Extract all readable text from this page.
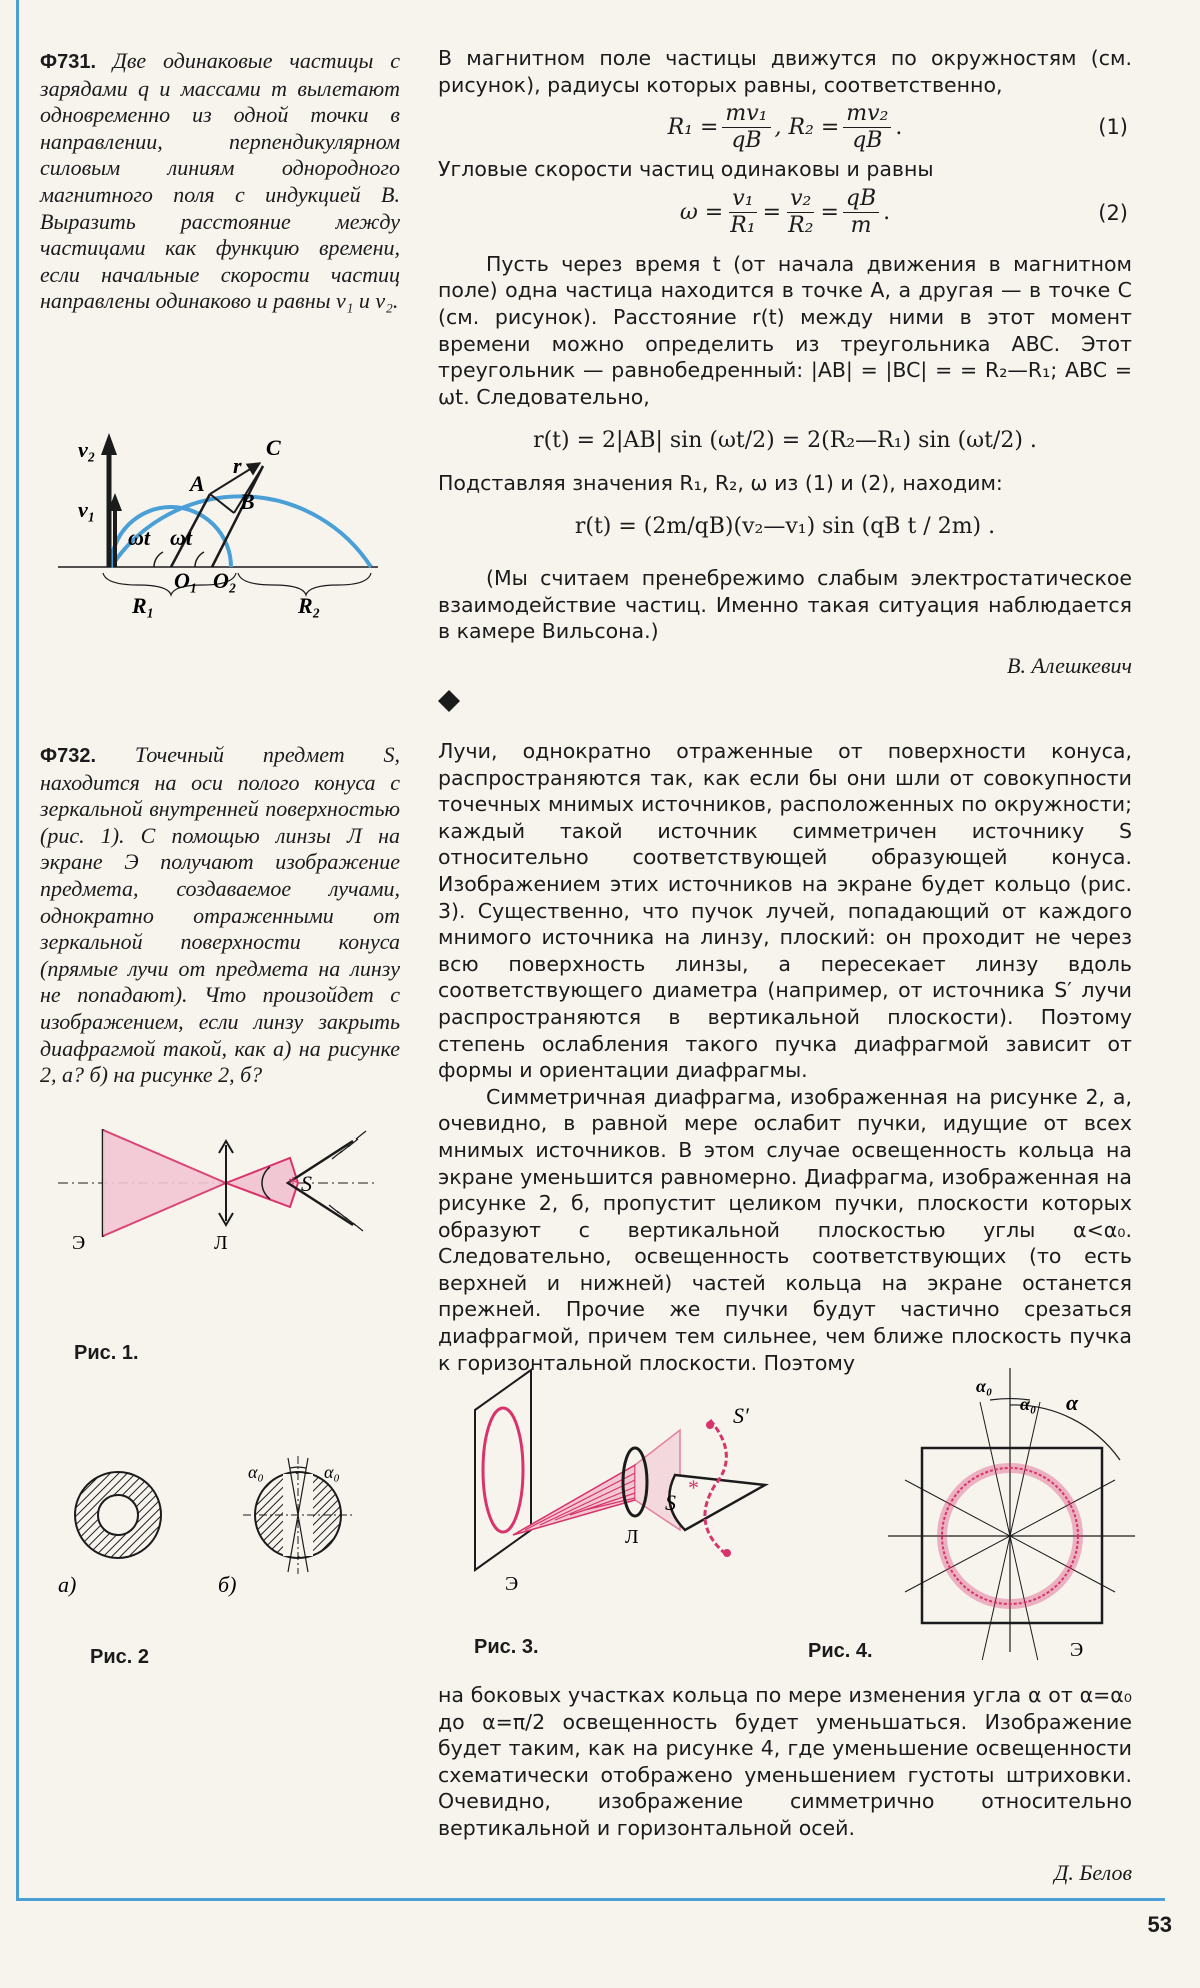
Ф731. Две одинаковые частицы с зарядами q и массами m вылетают одновременно из одной точки в направлении, перпендикулярном силовым линиям однородного магнитного поля с индукцией B. Выразить расстояние между частицами как функцию времени, если начальные скорости частиц направлены одинаково и равны v₁ и v₂.
v₂
v₁
C
r
A
B
ωt ωt
O₁ O₂
R₁	R₂

В магнитном поле частицы движутся по окружностям (см. рисунок), радиусы которых равны, соответственно,

$R_1 = \frac{\text{mv₁}}{qB}$ , $R_2 = \frac{\text{mv₂}}{qB}$ .	(1)

Угловые скорости частиц одинаковы и равны

$\omega = \frac{\text{v₁}}{\text{R₁}} = \frac{\text{v₂}}{\text{R₂}} = \frac{qB}{m}$ .	(2)

Пусть через время t (от начала движения в магнитном поле) одна частица находится в точке A, а другая — в точке C (см. рисунок). Расстояние r(t) между ними в этот момент времени можно определить из треугольника ABC. Этот треугольник — равнобедренный: |AB| = |BC| = = R₂—R₁; ABC = ωt. Следовательно,

r(t) = 2|AB| sin (ωt/2) = 2(R₂—R₁) sin (ωt/2) .

Подставляя значения R₁, R₂, ω из (1) и (2), находим:

r(t) = (2m/qB)(v₂—v₁) sin (qB t / 2m) .

(Мы считаем пренебрежимо слабым электростатическое взаимодействие частиц. Именно такая ситуация наблюдается в камере Вильсона.)

В. Алешкевич
Ф732. Точечный предмет S, находится на оси полого конуса с зеркальной внутренней поверхностью (рис. 1). С помощью линзы Л на экране Э получают изображение предмета, создаваемое лучами, однократно отраженными от зеркальной поверхности конуса (прямые лучи от предмета на линзу не попадают). Что произойдет с изображением, если линзу закрыть диафрагмой такой, как а) на рисунке 2, а? б) на рисунке 2, б?
* S
Л
Э
Рис. 1.
а)	б)
α₀	α₀
Рис. 2

Лучи, однократно отраженные от поверхности конуса, распространяются так, как если бы они шли от совокупности точечных мнимых источников, расположенных по окружности; каждый такой источник симметричен источнику S относительно соответствующей образующей конуса. Изображением этих источников на экране будет кольцо (рис. 3). Существенно, что пучок лучей, попадающий от каждого мнимого источника на линзу, плоский: он проходит не через всю поверхность линзы, а пересекает линзу вдоль соответствующего диаметра (например, от источника S′ лучи распространяются в вертикальной плоскости). Поэтому степень ослабления такого пучка диафрагмой зависит от формы и ориентации диафрагмы.

Симметричная диафрагма, изображенная на рисунке 2, а, очевидно, в равной мере ослабит пучки, идущие от всех мнимых источников. В этом случае освещенность кольца на экране уменьшится равномерно. Диафрагма, изображенная на рисунке 2, б, пропустит целиком пучки, плоскости которых образуют с вертикальной плоскостью углы α<α₀. Следовательно, освещенность соответствующих (то есть верхней и нижней) частей кольца на экране останется прежней. Прочие же пучки будут частично срезаться диафрагмой, причем тем сильнее, чем ближе плоскость пучка к горизонтальной плоскости. Поэтому

*
S
S′
Л
Э
Рис. 3.
α₀
α₀ α
Э
Рис. 4.

на боковых участках кольца по мере изменения угла α от α=α₀ до α=π/2 освещенность будет уменьшаться. Изображение будет таким, как на рисунке 4, где уменьшение освещенности схематически отображено уменьшением густоты штриховки. Очевидно, изображение симметрично относительно вертикальной и горизонтальной осей.

Д. Белов
53
